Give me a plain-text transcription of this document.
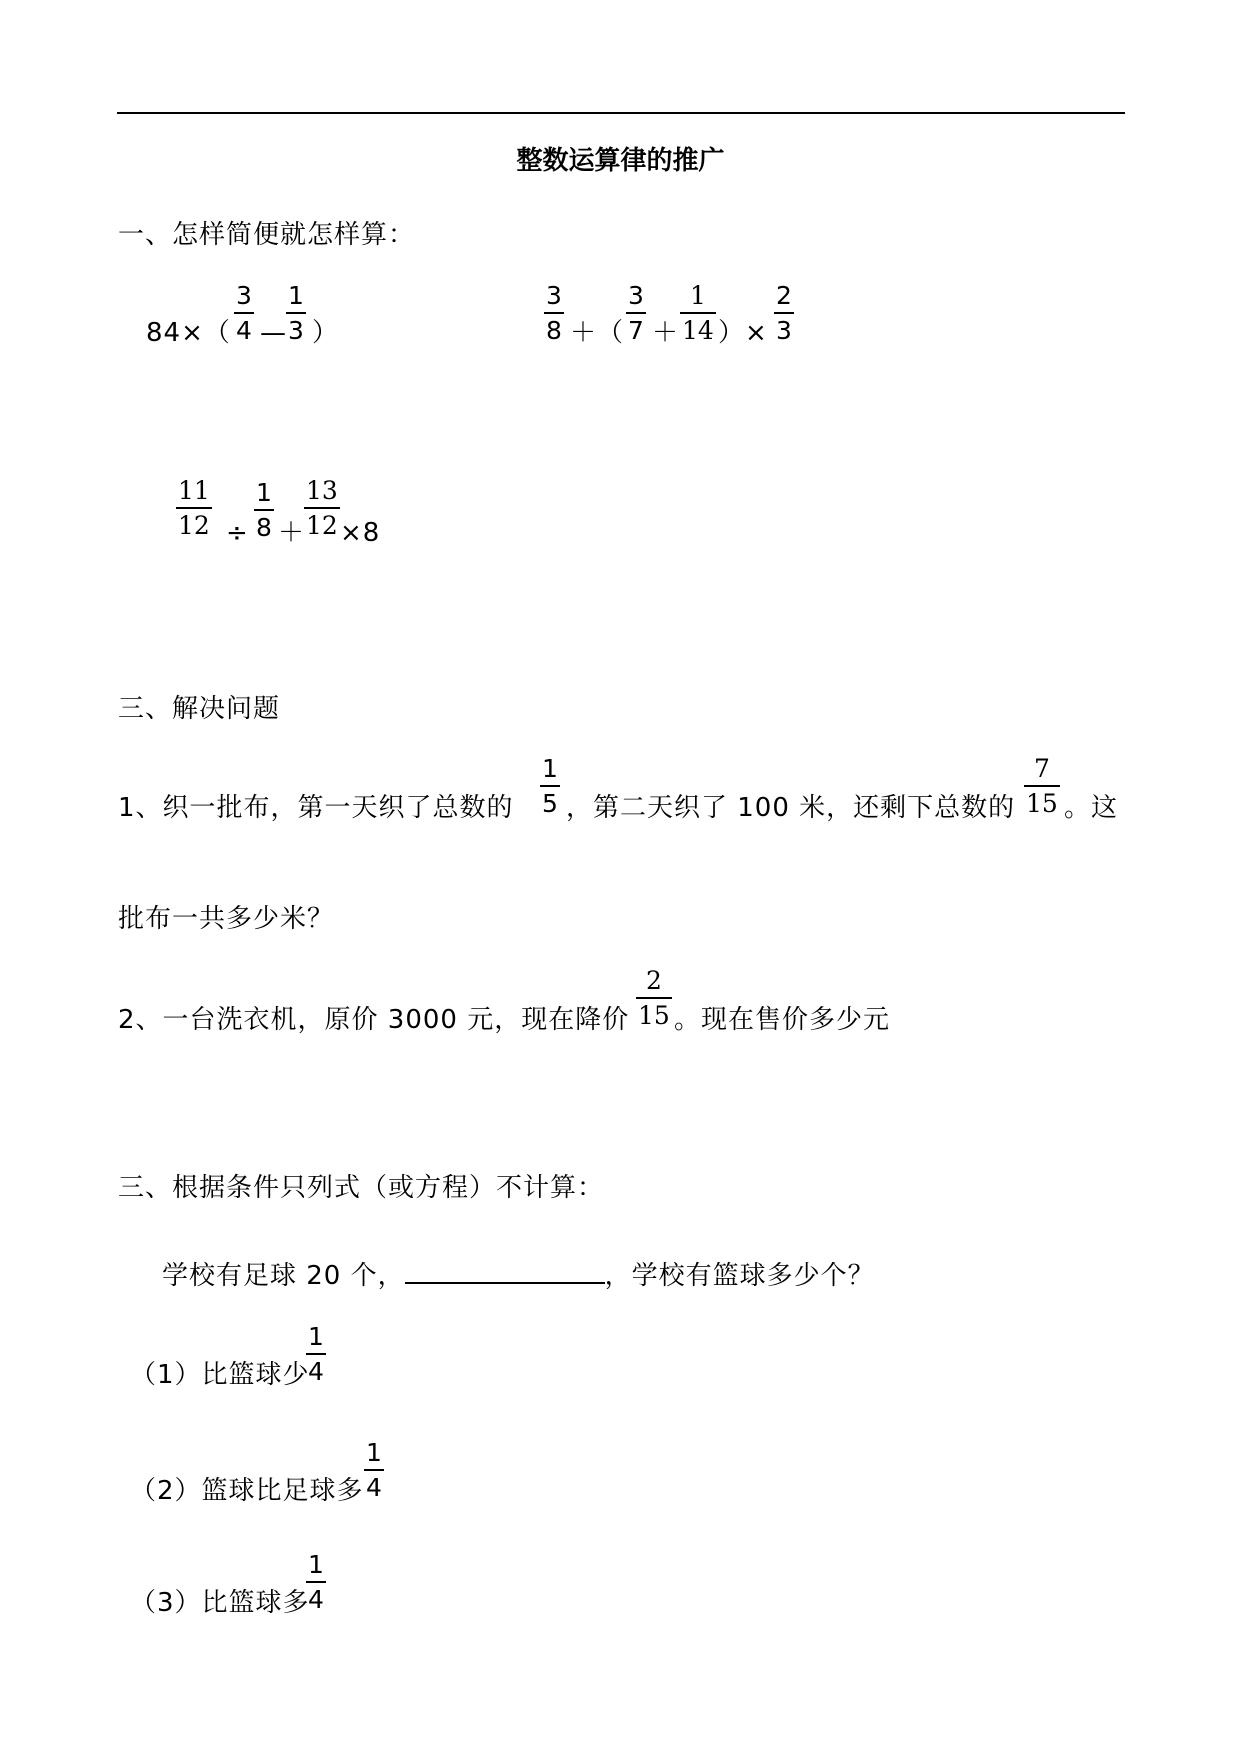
整数运算律的推广
一、怎样简便就怎样算：
$84\times( \frac{3}{4}$ — $\frac{1}{3}$ ）	$\frac{3}{8}$ ＋（ $\frac{3}{7} + \frac{1}{14}$ ）× $\frac{2}{3}$
$\frac{11}{12} \div \frac{1}{8}$ ＋
$\frac{13}{12} \times 8$
三、解决问题
1、织一批布，第一天织了总数的 $\frac{1}{5}$ ，第二天织了 100 米，还剩下总数的 $\frac{7}{15}$ 。这
批布一共多少米？
2、一台洗衣机，原价 3000 元，现在降价 $\frac{2}{15}$ 。现在售价多少元
三、根据条件只列式（或方程）不计算：
学校有足球 20 个，	，学校有篮球多少个？
（1）比篮球少
$\frac{1}{4}$
（2）篮球比足球多 $\frac{1}{4}$
（3）比篮球多
$\frac{1}{4}$
